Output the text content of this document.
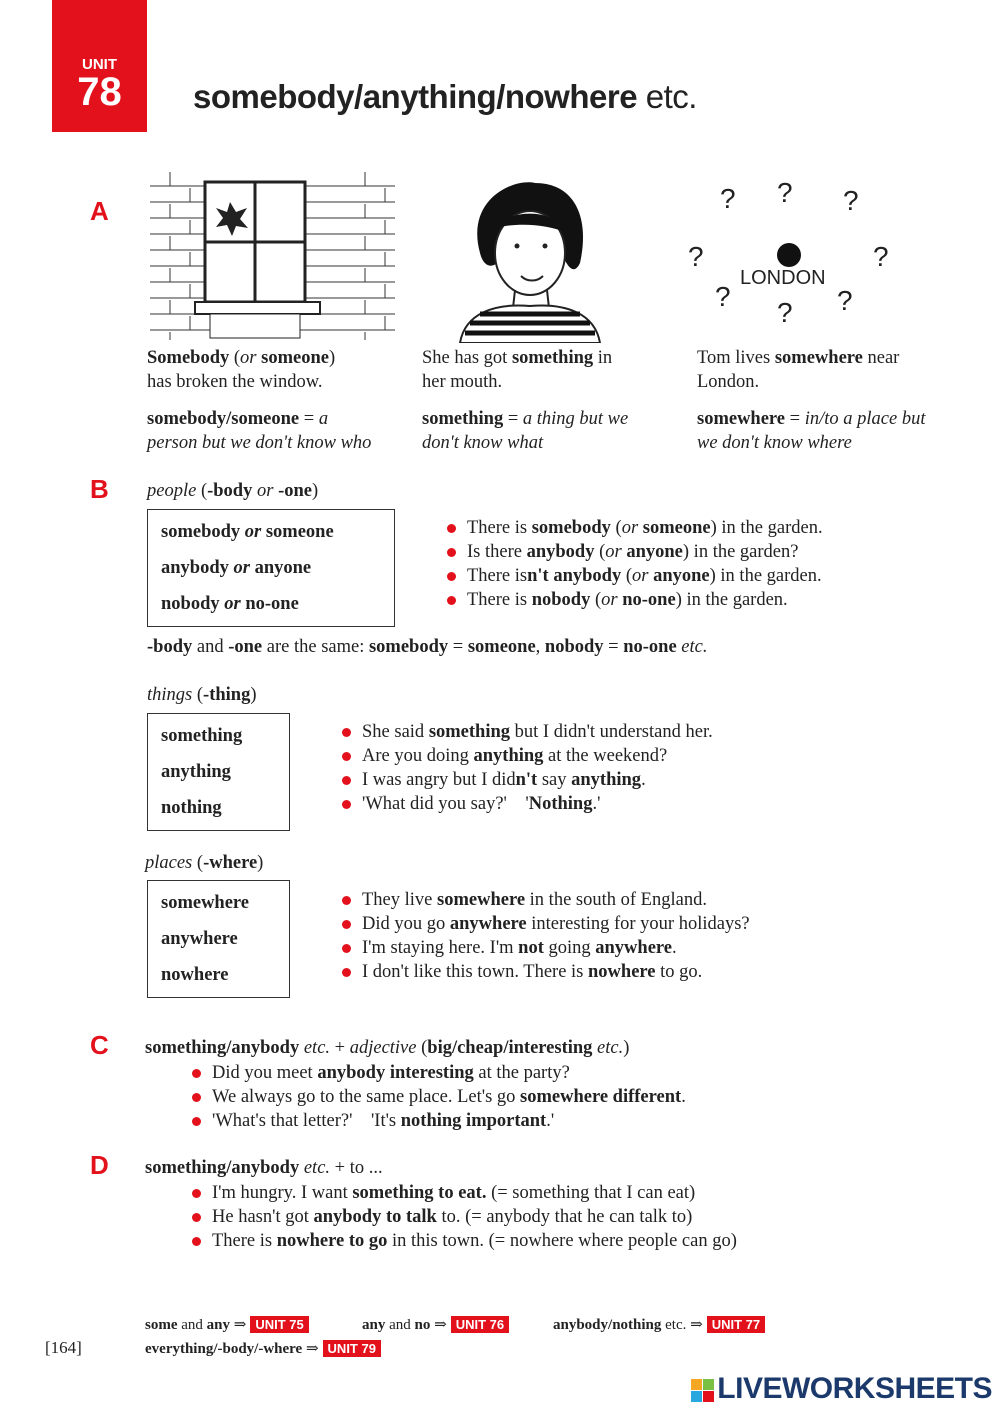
UNIT
78	somebody/anything/nowhere etc.
A
B
C
D
? ? ?
?	?
?
? ?
LONDON
Somebody (or someone)
has broken the window.
She has got something in
her mouth.
Tom lives somewhere near
London.
somebody/someone = a
person but we don't know who
something = a thing but we
don't know what
somewhere = in/to a place but
we don't know where
people (-body or -one)
somebody or someone
anybody or anyone
nobody or no-one
There is somebody (or someone) in the garden.
Is there anybody (or anyone) in the garden?
There isn't anybody (or anyone) in the garden.
There is nobody (or no-one) in the garden.
-body and -one are the same: somebody = someone, nobody = no-one etc.
things (-thing)
something
anything
nothing
She said something but I didn't understand her.
Are you doing anything at the weekend?
I was angry but I didn't say anything.
'What did you say?'    'Nothing.'
places (-where)
somewhere
anywhere
nowhere
They live somewhere in the south of England.
Did you go anywhere interesting for your holidays?
I'm staying here. I'm not going anywhere.
I don't like this town. There is nowhere to go.
something/anybody etc. + adjective (big/cheap/interesting etc.)
Did you meet anybody interesting at the party?
We always go to the same place. Let's go somewhere different.
'What's that letter?'    'It's nothing important.'
something/anybody etc. + to ...
I'm hungry. I want something to eat. (= something that I can eat)
He hasn't got anybody to talk to. (= anybody that he can talk to)
There is nowhere to go in this town. (= nowhere where people can go)
[164]
some and any ⇒ UNIT 75	any and no ⇒ UNIT 76	anybody/nothing etc. ⇒ UNIT 77
everything/-body/-where ⇒ UNIT 79
LIVEWORKSHEETS
